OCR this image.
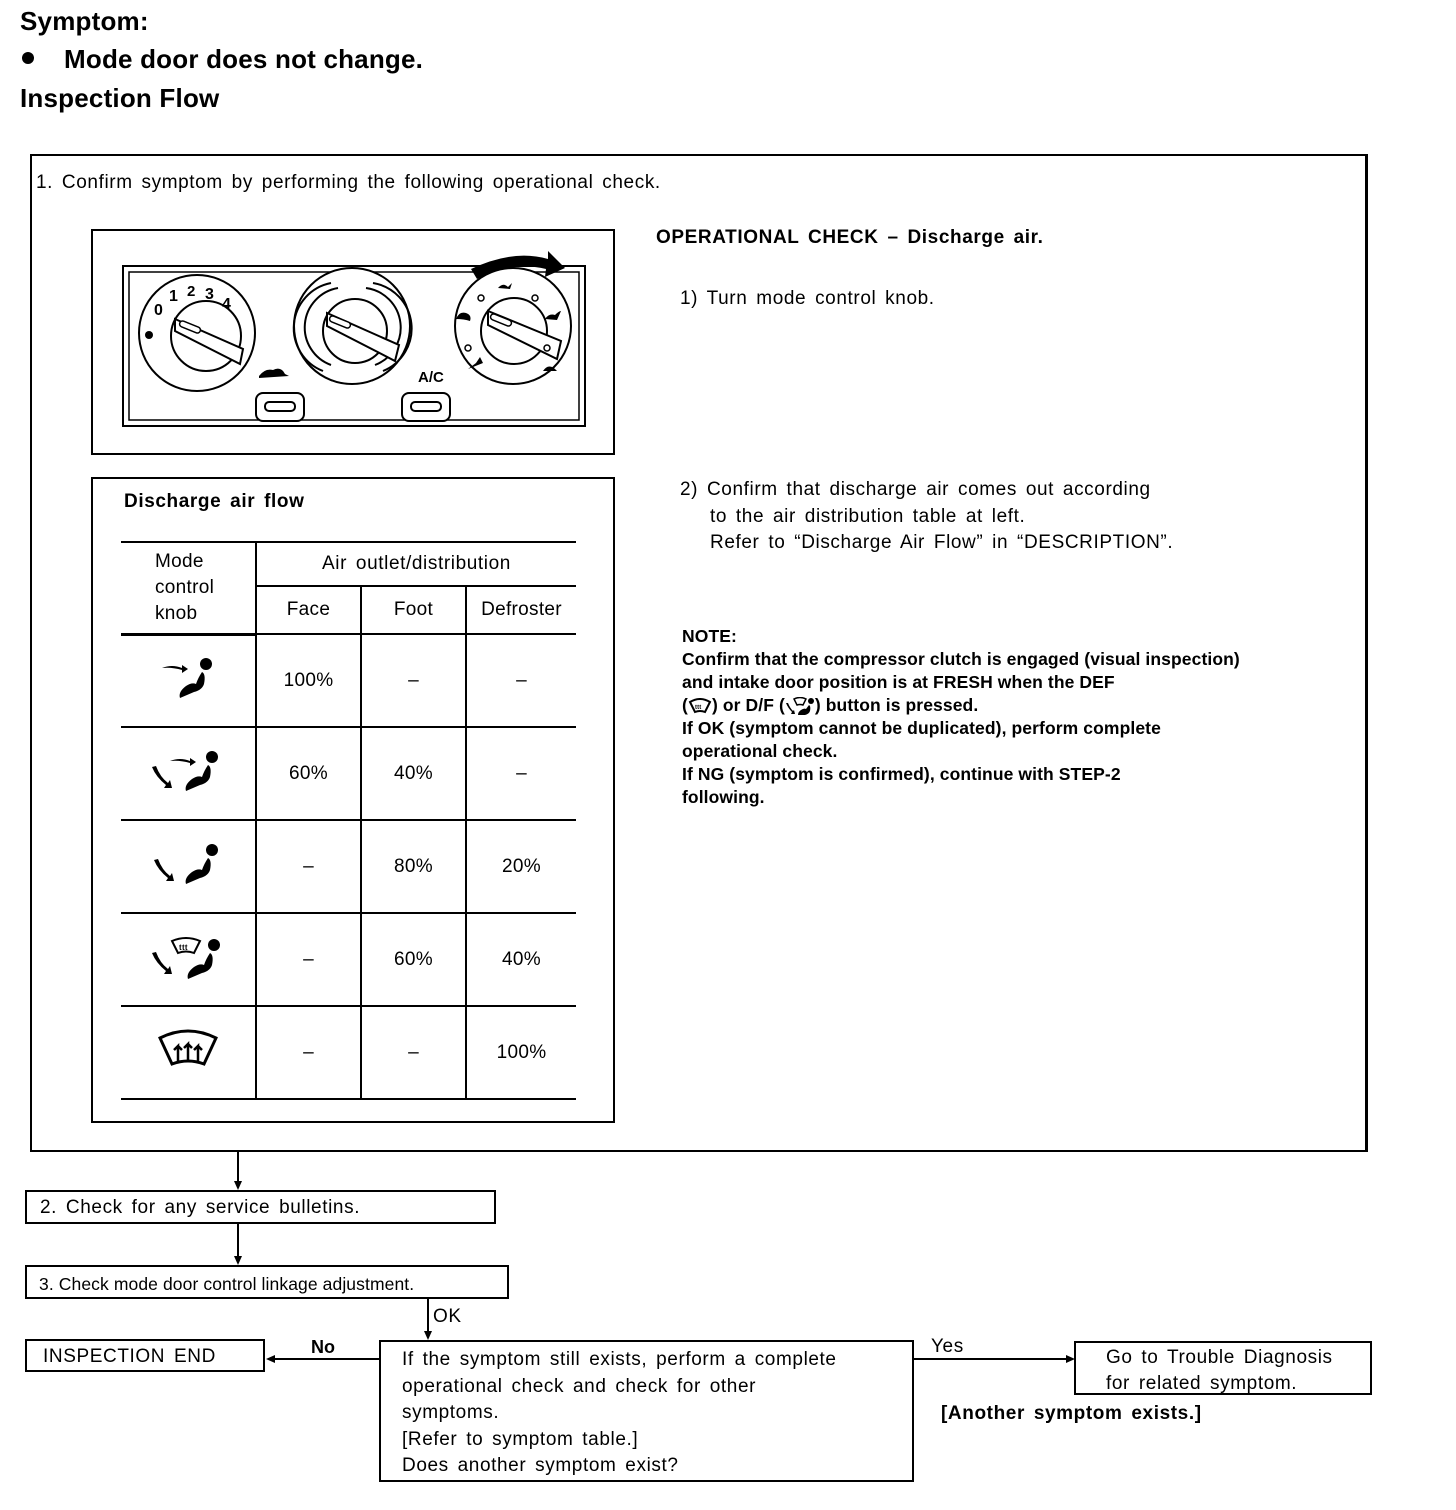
Symptom:
Mode door does not change.
Inspection Flow
1. Confirm symptom by performing the following operational check.
0
1 2 3
4
A/C
Discharge air flow
Mode
control
knob	Air outlet/distribution		
	Face	Foot	Defroster
	100%	–	–
	60%	40%	–
	–	80%	20%

ttt	–	60%	40%
	–	–	100%
OPERATIONAL CHECK – Discharge air.
1) Turn mode control knob.
2) Confirm that discharge air comes out according
to the air distribution table at left.
Refer to “Discharge Air Flow” in “DESCRIPTION”.
NOTE:
Confirm that the compressor clutch is engaged (visual inspection)
and intake door position is at FRESH when the DEF
( ttt ) or D/F ( ) button is pressed.
If OK (symptom cannot be duplicated), perform complete
operational check.
If NG (symptom is confirmed), continue with STEP-2
following.
2. Check for any service bulletins.
3. Check mode door control linkage adjustment.
OK
INSPECTION END	No
If the symptom still exists, perform a complete
operational check and check for other
symptoms.
[Refer to symptom table.]
Does another symptom exist?
Yes
Go to Trouble Diagnosis
for related symptom.
[Another symptom exists.]
